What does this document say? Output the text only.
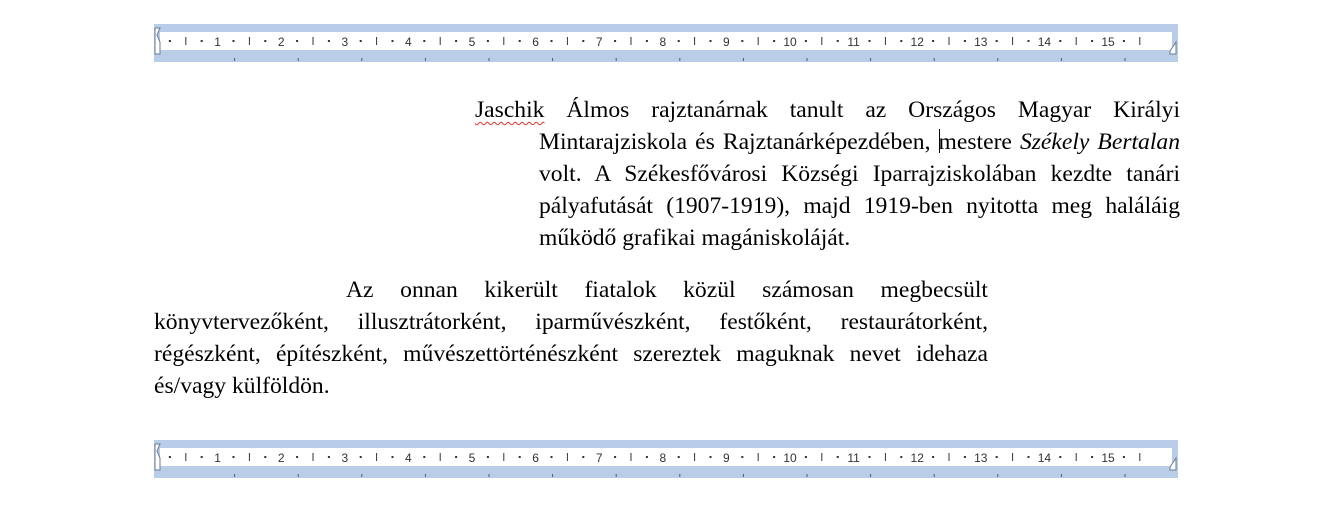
1	2	3	4	5	6	7	8	9	10	11	12	13	14	15

Jaschik Álmos rajztanárnak tanult az Országos Magyar Királyi Mintarajziskola és Rajztanárképezdében, mestere Székely Bertalan volt. A Székesfővárosi Községi Iparrajziskolában kezdte tanári pályafutását (1907-1919), majd 1919-ben nyitotta meg haláláig működő grafikai magániskoláját.

Az onnan kikerült fiatalok közül számosan megbecsült könyvtervezőként, illusztrátorként, iparművészként, festőként, restaurátorként, régészként, építészként, művészettörténészként szereztek maguknak nevet idehaza és/vagy külföldön.

1	2	3	4	5	6	7	8	9	10	11	12	13	14	15
